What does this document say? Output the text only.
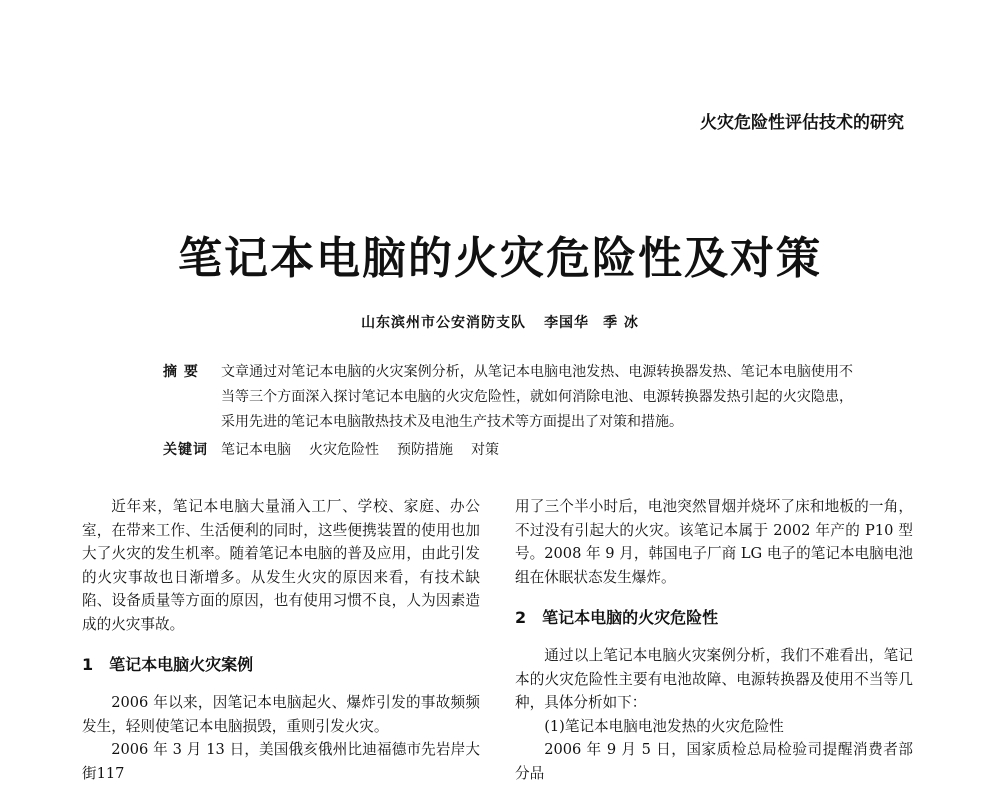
火灾危险性评估技术的研究
笔记本电脑的火灾危险性及对策
山东滨州市公安消防支队 李国华 季 冰
摘 要	文章通过对笔记本电脑的火灾案例分析，从笔记本电脑电池发热、电源转换器发热、笔记本电脑使用不当等三个方面深入探讨笔记本电脑的火灾危险性，就如何消除电池、电源转换器发热引起的火灾隐患，采用先进的笔记本电脑散热技术及电池生产技术等方面提出了对策和措施。
关键词 笔记本电脑 火灾危险性 预防措施 对策

近年来，笔记本电脑大量涌入工厂、学校、家庭、办公室，在带来工作、生活便利的同时，这些便携装置的使用也加大了火灾的发生机率。随着笔记本电脑的普及应用，由此引发的火灾事故也日渐增多。从发生火灾的原因来看，有技术缺陷、设备质量等方面的原因，也有使用习惯不良，人为因素造成的火灾事故。

1 笔记本电脑火灾案例

2006 年以来，因笔记本电脑起火、爆炸引发的事故频频发生，轻则使笔记本电脑损毁，重则引发火灾。

2006 年 3 月 13 日，美国俄亥俄州比迪福德市先岩岸大街117

用了三个半小时后，电池突然冒烟并烧坏了床和地板的一角，不过没有引起大的火灾。该笔记本属于 2002 年产的 P10 型号。2008 年 9 月，韩国电子厂商 LG 电子的笔记本电脑电池组在休眠状态发生爆炸。

2 笔记本电脑的火灾危险性

通过以上笔记本电脑火灾案例分析，我们不难看出，笔记本的火灾危险性主要有电池故障、电源转换器及使用不当等几种，具体分析如下：

(1)笔记本电脑电池发热的火灾危险性

2006 年 9 月 5 日，国家质检总局检验司提醒消费者部分品
